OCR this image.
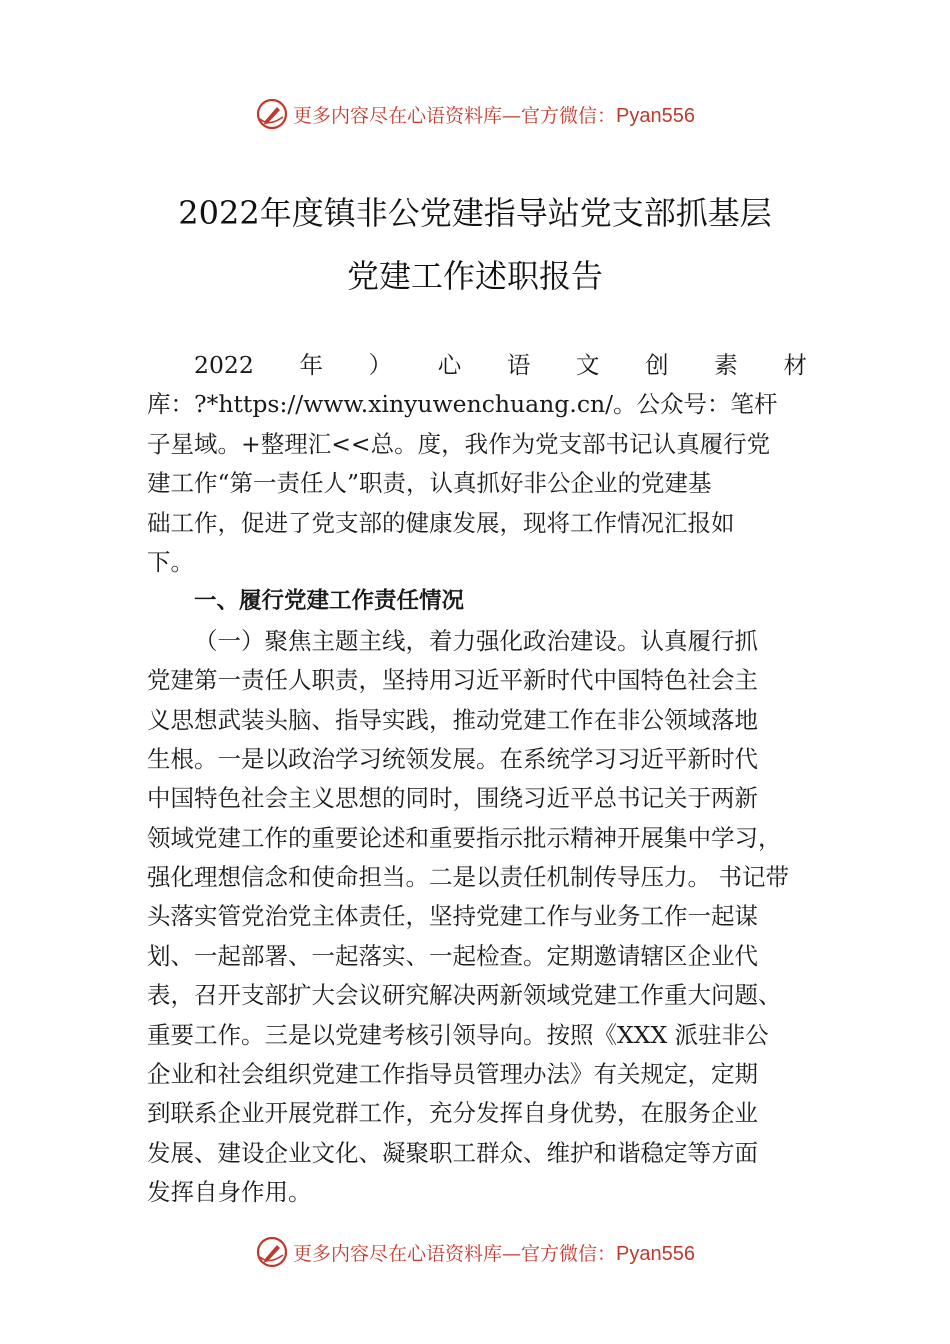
更多内容尽在心语资料库—官方微信：Pyan556
2022年度镇非公党建指导站党支部抓基层
党建工作述职报告
2022 年 ） 心 语 文 创 素 材
库：?*https://www.xinyuwenchuang.cn/。公众号：笔杆
子星域。+整理汇<<总。度，我作为党支部书记认真履行党
建工作“第一责任人”职责，认真抓好非公企业的党建基
础工作，促进了党支部的健康发展，现将工作情况汇报如
下。
一、履行党建工作责任情况
（一）聚焦主题主线，着力强化政治建设。认真履行抓
党建第一责任人职责，坚持用习近平新时代中国特色社会主
义思想武装头脑、指导实践，推动党建工作在非公领域落地
生根。一是以政治学习统领发展。在系统学习习近平新时代
中国特色社会主义思想的同时，围绕习近平总书记关于两新
领域党建工作的重要论述和重要指示批示精神开展集中学习，
强化理想信念和使命担当。二是以责任机制传导压力。 书记带
头落实管党治党主体责任，坚持党建工作与业务工作一起谋
划、一起部署、一起落实、一起检查。定期邀请辖区企业代
表，召开支部扩大会议研究解决两新领域党建工作重大问题、
重要工作。三是以党建考核引领导向。按照《XXX 派驻非公
企业和社会组织党建工作指导员管理办法》有关规定，定期
到联系企业开展党群工作，充分发挥自身优势，在服务企业
发展、建设企业文化、凝聚职工群众、维护和谐稳定等方面
发挥自身作用。
更多内容尽在心语资料库—官方微信：Pyan556
